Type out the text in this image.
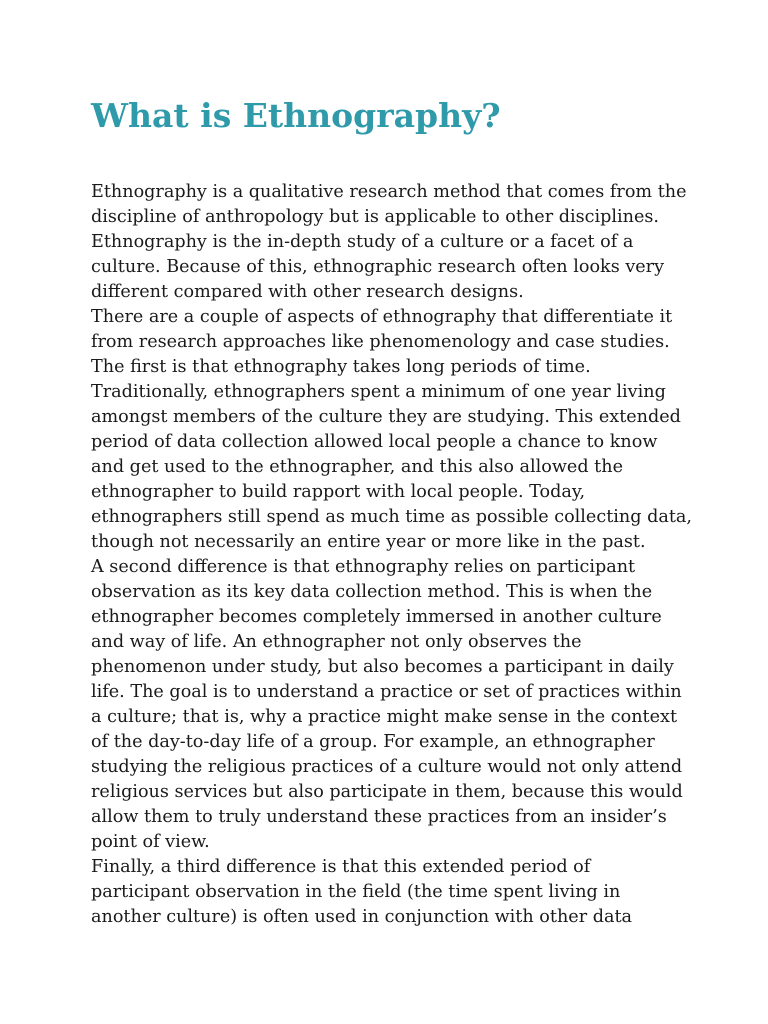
What is Ethnography?
Ethnography is a qualitative research method that comes from the
discipline of anthropology but is applicable to other disciplines.
Ethnography is the in-depth study of a culture or a facet of a
culture. Because of this, ethnographic research often looks very
different compared with other research designs.
There are a couple of aspects of ethnography that differentiate it
from research approaches like phenomenology and case studies.
The first is that ethnography takes long periods of time.
Traditionally, ethnographers spent a minimum of one year living
amongst members of the culture they are studying. This extended
period of data collection allowed local people a chance to know
and get used to the ethnographer, and this also allowed the
ethnographer to build rapport with local people. Today,
ethnographers still spend as much time as possible collecting data,
though not necessarily an entire year or more like in the past.
A second difference is that ethnography relies on participant
observation as its key data collection method. This is when the
ethnographer becomes completely immersed in another culture
and way of life. An ethnographer not only observes the
phenomenon under study, but also becomes a participant in daily
life. The goal is to understand a practice or set of practices within
a culture; that is, why a practice might make sense in the context
of the day-to-day life of a group. For example, an ethnographer
studying the religious practices of a culture would not only attend
religious services but also participate in them, because this would
allow them to truly understand these practices from an insider’s
point of view.
Finally, a third difference is that this extended period of
participant observation in the field (the time spent living in
another culture) is often used in conjunction with other data
